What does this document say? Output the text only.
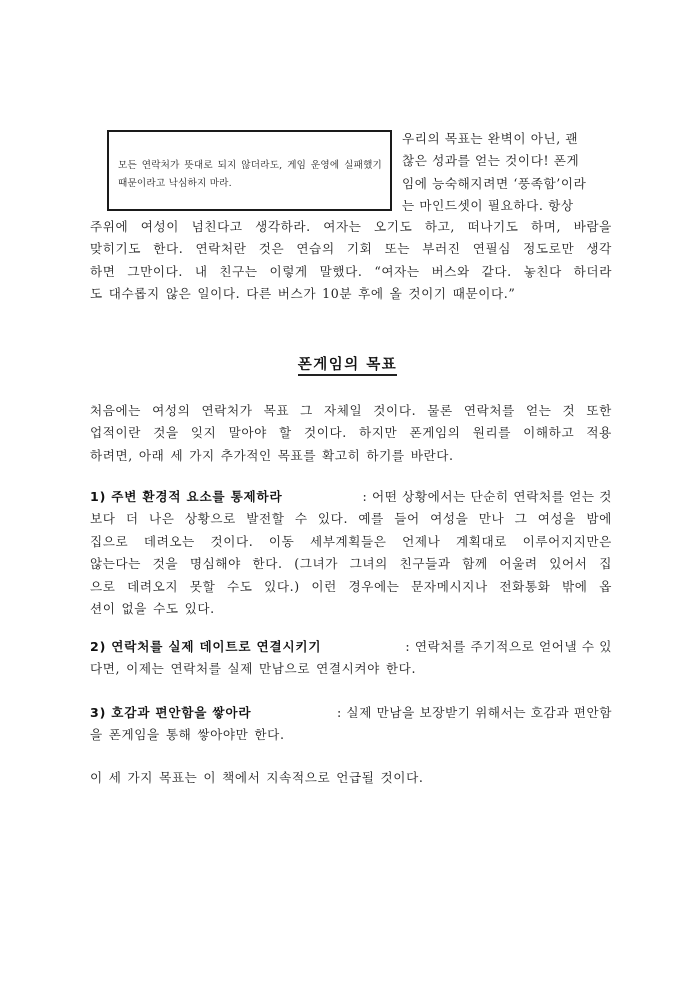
모든 연락처가 뜻대로 되지 않더라도, 게임 운영에 실패했기 때문이라고 낙심하지 마라.
우리의 목표는 완벽이 아닌, 괜
찮은 성과를 얻는 것이다! 폰게
임에 능숙해지려면 ‘풍족함’이라
는 마인드셋이 필요하다. 항상
주위에 여성이 넘친다고 생각하라. 여자는 오기도 하고, 떠나기도 하며, 바람을
맞히기도 한다. 연락처란 것은 연습의 기회 또는 부러진 연필심 정도로만 생각
하면 그만이다. 내 친구는 이렇게 말했다. “여자는 버스와 같다. 놓친다 하더라
도 대수롭지 않은 일이다. 다른 버스가 10분 후에 올 것이기 때문이다.”
폰게임의 목표
처음에는 여성의 연락처가 목표 그 자체일 것이다. 물론 연락처를 얻는 것 또한
업적이란 것을 잊지 말아야 할 것이다. 하지만 폰게임의 원리를 이해하고 적용
하려면, 아래 세 가지 추가적인 목표를 확고히 하기를 바란다.
1) 주변 환경적 요소를 통제하라	: 어떤 상황에서는 단순히 연락처를 얻는 것
보다 더 나은 상황으로 발전할 수 있다. 예를 들어 여성을 만나 그 여성을 밤에
집으로 데려오는 것이다. 이동 세부계획들은 언제나 계획대로 이루어지지만은
않는다는 것을 명심해야 한다. (그녀가 그녀의 친구들과 함께 어울려 있어서 집
으로 데려오지 못할 수도 있다.) 이런 경우에는 문자메시지나 전화통화 밖에 옵
션이 없을 수도 있다.
2) 연락처를 실제 데이트로 연결시키기	: 연락처를 주기적으로 얻어낼 수 있
다면, 이제는 연락처를 실제 만남으로 연결시켜야 한다.
3) 호감과 편안함을 쌓아라	: 실제 만남을 보장받기 위해서는 호감과 편안함
을 폰게임을 통해 쌓아야만 한다.
이 세 가지 목표는 이 책에서 지속적으로 언급될 것이다.
